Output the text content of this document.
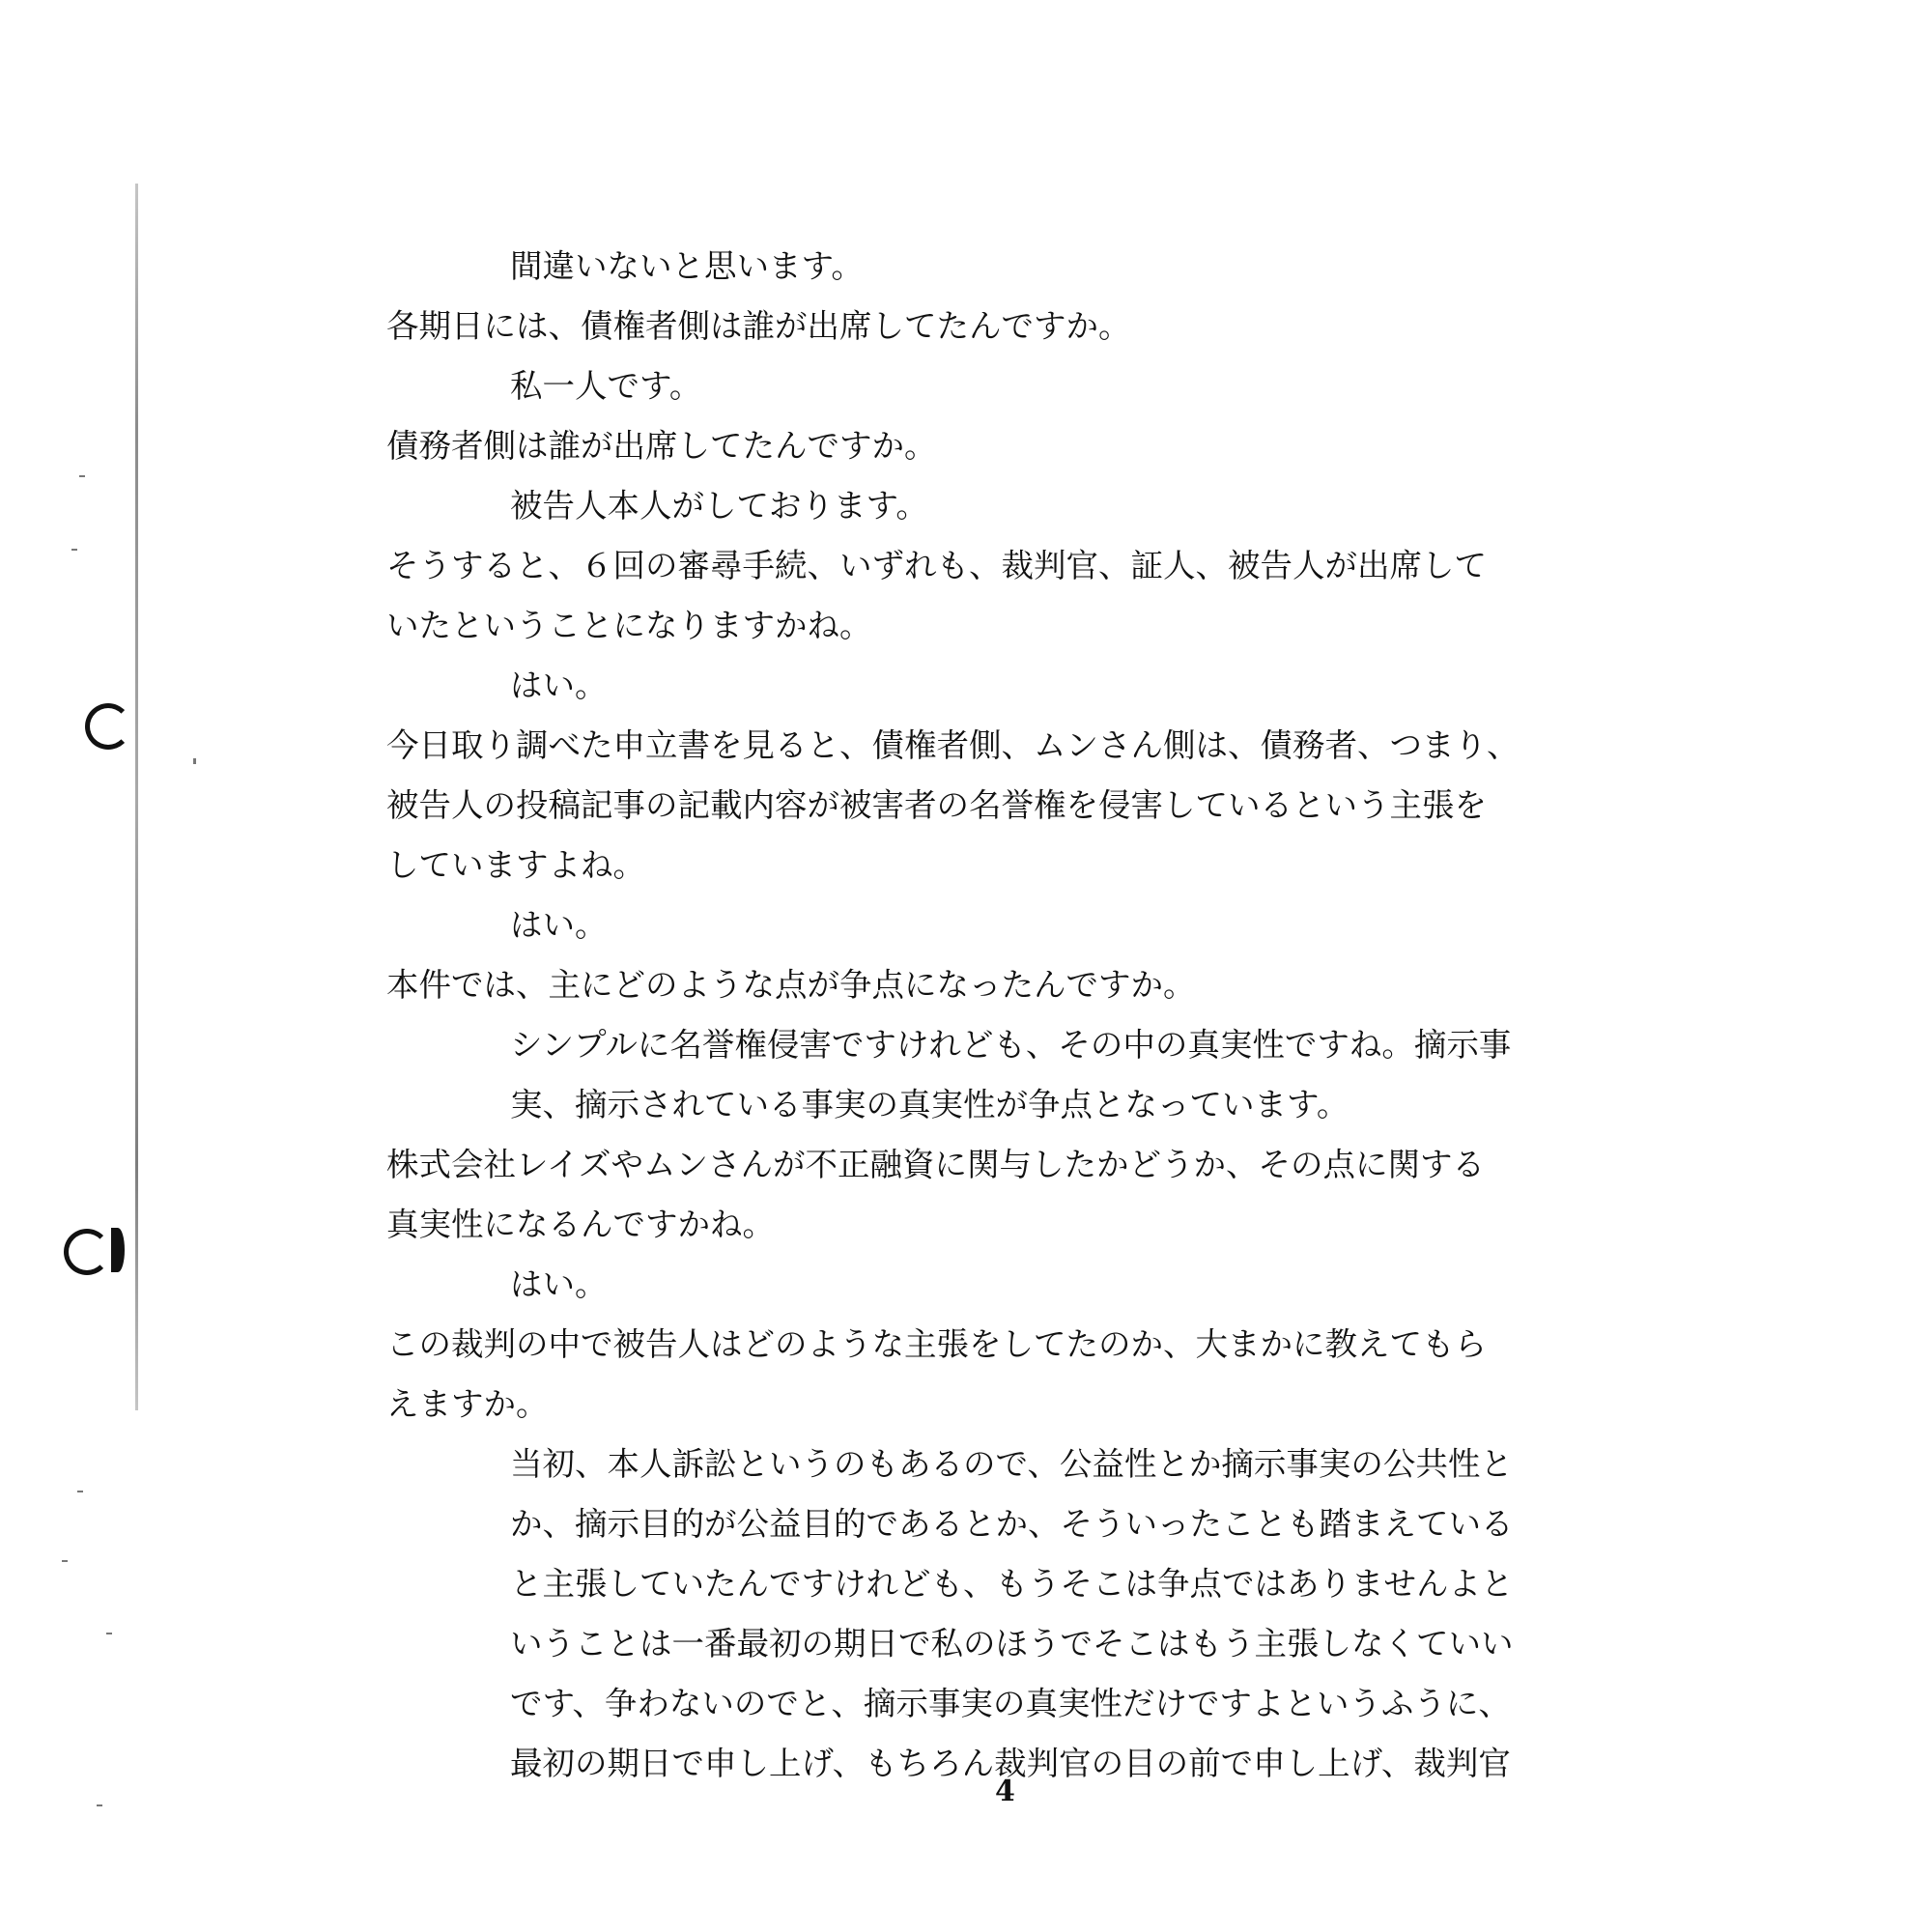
間違いないと思います。
各期日には、債権者側は誰が出席してたんですか。
私一人です。
債務者側は誰が出席してたんですか。
被告人本人がしております。
そうすると、６回の審尋手続、いずれも、裁判官、証人、被告人が出席して
いたということになりますかね。
はい。
今日取り調べた申立書を見ると、債権者側、ムンさん側は、債務者、つまり、
被告人の投稿記事の記載内容が被害者の名誉権を侵害しているという主張を
していますよね。
はい。
本件では、主にどのような点が争点になったんですか。
シンプルに名誉権侵害ですけれども、その中の真実性ですね。摘示事
実、摘示されている事実の真実性が争点となっています。
株式会社レイズやムンさんが不正融資に関与したかどうか、その点に関する
真実性になるんですかね。
はい。
この裁判の中で被告人はどのような主張をしてたのか、大まかに教えてもら
えますか。
当初、本人訴訟というのもあるので、公益性とか摘示事実の公共性と
か、摘示目的が公益目的であるとか、そういったことも踏まえている
と主張していたんですけれども、もうそこは争点ではありませんよと
いうことは一番最初の期日で私のほうでそこはもう主張しなくていい
です、争わないのでと、摘示事実の真実性だけですよというふうに、
最初の期日で申し上げ、もちろん裁判官の目の前で申し上げ、裁判官
4
